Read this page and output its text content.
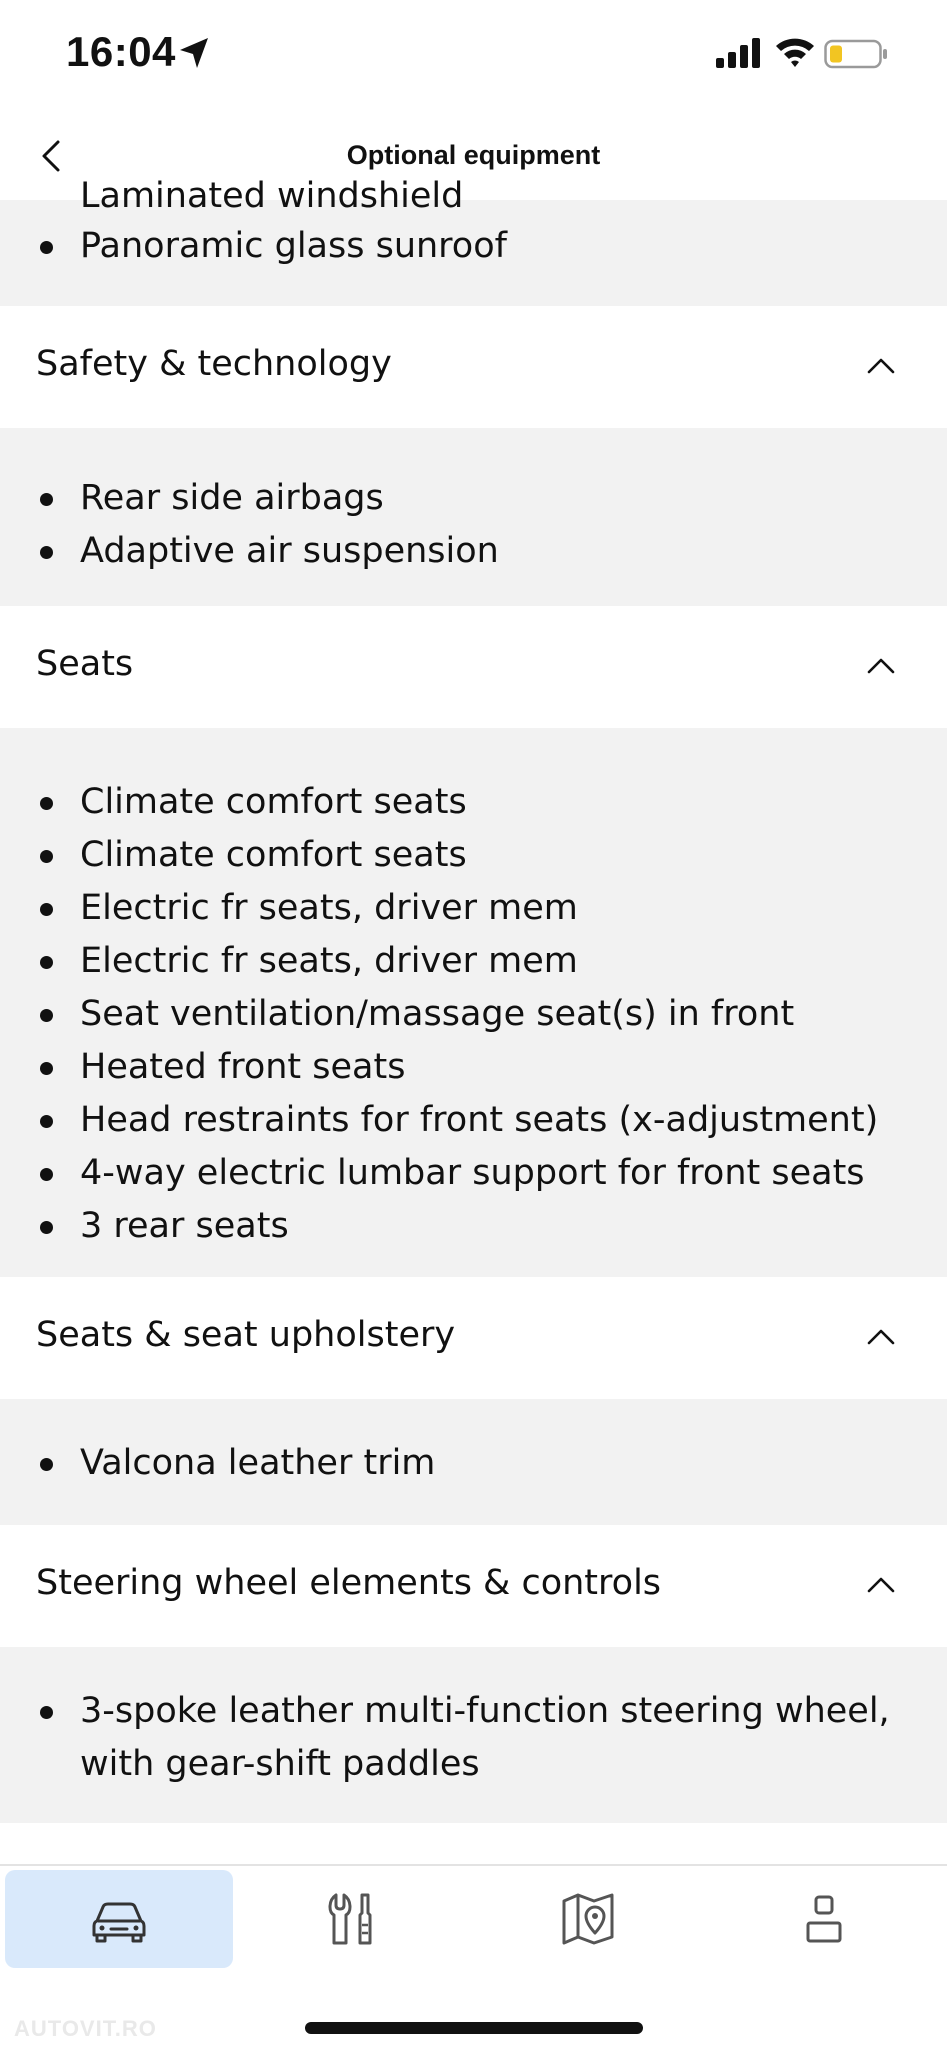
16:04
Optional equipment
Laminated windshield
Panoramic glass sunroof
Safety & technology
Rear side airbags
Adaptive air suspension
Seats
Climate comfort seats
Climate comfort seats
Electric fr seats, driver mem
Electric fr seats, driver mem
Seat ventilation/massage seat(s) in front
Heated front seats
Head restraints for front seats (x-adjustment)
4-way electric lumbar support for front seats
3 rear seats
Seats & seat upholstery
Valcona leather trim
Steering wheel elements & controls
3-spoke leather multi-function steering wheel, with gear-shift paddles
AUTOVIT.RO
